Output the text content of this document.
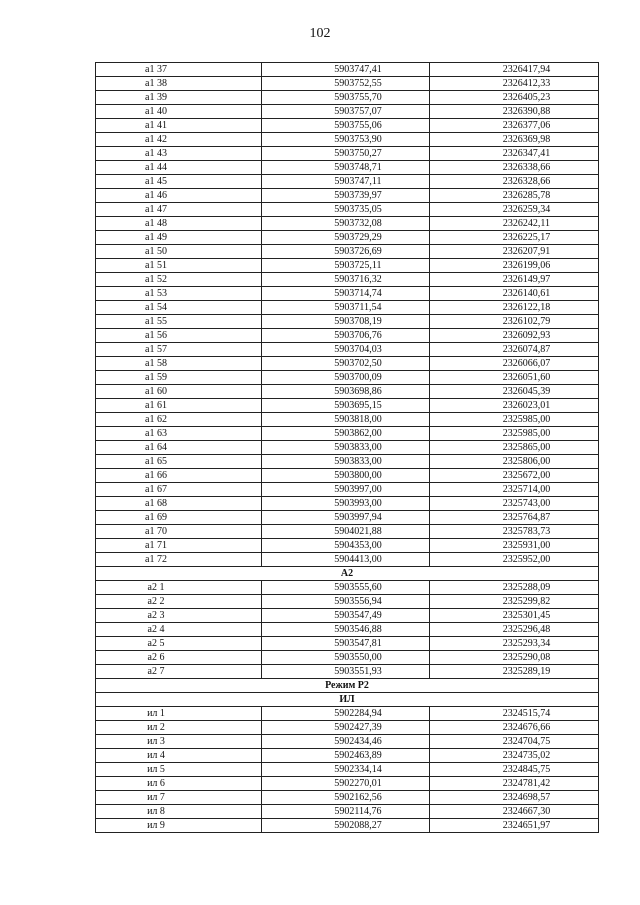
102
а1 37	5903747,41	2326417,94
а1 38	5903752,55	2326412,33
а1 39	5903755,70	2326405,23
а1 40	5903757,07	2326390,88
а1 41	5903755,06	2326377,06
а1 42	5903753,90	2326369,98
а1 43	5903750,27	2326347,41
а1 44	5903748,71	2326338,66
а1 45	5903747,11	2326328,66
а1 46	5903739,97	2326285,78
а1 47	5903735,05	2326259,34
а1 48	5903732,08	2326242,11
а1 49	5903729,29	2326225,17
а1 50	5903726,69	2326207,91
а1 51	5903725,11	2326199,06
а1 52	5903716,32	2326149,97
а1 53	5903714,74	2326140,61
а1 54	5903711,54	2326122,18
а1 55	5903708,19	2326102,79
а1 56	5903706,76	2326092,93
а1 57	5903704,03	2326074,87
а1 58	5903702,50	2326066,07
а1 59	5903700,09	2326051,60
а1 60	5903698,86	2326045,39
а1 61	5903695,15	2326023,01
а1 62	5903818,00	2325985,00
а1 63	5903862,00	2325985,00
а1 64	5903833,00	2325865,00
а1 65	5903833,00	2325806,00
а1 66	5903800,00	2325672,00
а1 67	5903997,00	2325714,00
а1 68	5903993,00	2325743,00
а1 69	5903997,94	2325764,87
а1 70	5904021,88	2325783,73
а1 71	5904353,00	2325931,00
а1 72	5904413,00	2325952,00
А2		
а2 1	5903555,60	2325288,09
а2 2	5903556,94	2325299,82
а2 3	5903547,49	2325301,45
а2 4	5903546,88	2325296,48
а2 5	5903547,81	2325293,34
а2 6	5903550,00	2325290,08
а2 7	5903551,93	2325289,19
Режим Р2		
ИЛ		
ил 1	5902284,94	2324515,74
ил 2	5902427,39	2324676,66
ил 3	5902434,46	2324704,75
ил 4	5902463,89	2324735,02
ил 5	5902334,14	2324845,75
ил 6	5902270,01	2324781,42
ил 7	5902162,56	2324698,57
ил 8	5902114,76	2324667,30
ил 9	5902088,27	2324651,97
